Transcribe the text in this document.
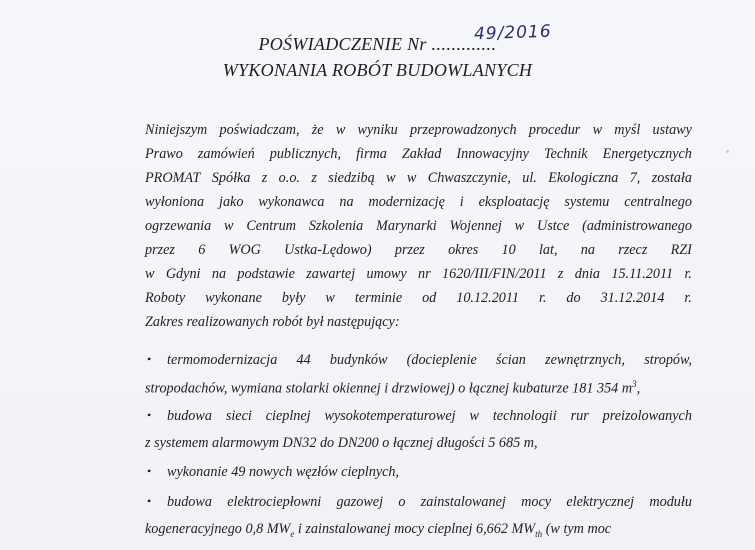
POŚWIADCZENIE Nr .............
49/2016
WYKONANIA ROBÓT BUDOWLANYCH
Niniejszym poświadczam, że w wyniku przeprowadzonych procedur w myśl ustawy
Prawo zamówień publicznych, firma Zakład Innowacyjny Technik Energetycznych
PROMAT Spółka z o.o. z siedzibą w w Chwaszczynie, ul. Ekologiczna 7, została
wyłoniona jako wykonawca na modernizację i eksploatację systemu centralnego
ogrzewania w Centrum Szkolenia Marynarki Wojennej w Ustce (administrowanego
przez 6 WOG Ustka-Lędowo) przez okres 10 lat, na rzecz RZI
w Gdyni na podstawie zawartej umowy nr 1620/III/FIN/2011 z dnia 15.11.2011 r.
Roboty wykonane były w terminie od 10.12.2011 r. do 31.12.2014 r.
Zakres realizowanych robót był następujący:
• termomodernizacja 44 budynków (docieplenie ścian zewnętrznych, stropów,
stropodachów, wymiana stolarki okiennej i drzwiowej) o łącznej kubaturze 181 354 $m^3$,
• budowa sieci cieplnej wysokotemperaturowej w technologii rur preizolowanych
z systemem alarmowym DN32 do DN200 o łącznej długości 5 685 m,
• wykonanie 49 nowych węzłów cieplnych,
• budowa elektrociepłowni gazowej o zainstalowanej mocy elektrycznej modułu
kogeneracyjnego 0,8 $MW_e$ i zainstalowanej mocy cieplnej 6,662 $MW_{th}$ (w tym moc
